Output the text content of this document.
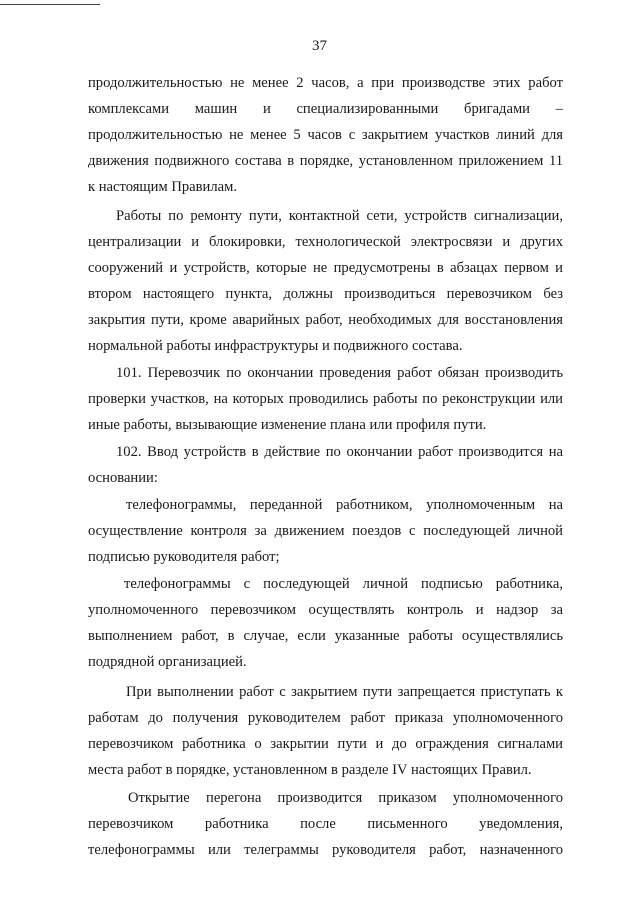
37
продолжительностью не менее 2 часов, а при производстве этих работ
комплексами машин и специализированными бригадами –
продолжительностью не менее 5 часов с закрытием участков линий для
движения подвижного состава в порядке, установленном приложением 11
к настоящим Правилам.
Работы по ремонту пути, контактной сети, устройств сигнализации,
централизации и блокировки, технологической электросвязи и других
сооружений и устройств, которые не предусмотрены в абзацах первом и
втором настоящего пункта, должны производиться перевозчиком без
закрытия пути, кроме аварийных работ, необходимых для восстановления
нормальной работы инфраструктуры и подвижного состава.
101. Перевозчик по окончании проведения работ обязан производить
проверки участков, на которых проводились работы по реконструкции или
иные работы, вызывающие изменение плана или профиля пути.
102. Ввод устройств в действие по окончании работ производится на
основании:
телефонограммы, переданной работником, уполномоченным на
осуществление контроля за движением поездов с последующей личной
подписью руководителя работ;
телефонограммы с последующей личной подписью работника,
уполномоченного перевозчиком осуществлять контроль и надзор за
выполнением работ, в случае, если указанные работы осуществлялись
подрядной организацией.
При выполнении работ с закрытием пути запрещается приступать к
работам до получения руководителем работ приказа уполномоченного
перевозчиком работника о закрытии пути и до ограждения сигналами
места работ в порядке, установленном в разделе IV настоящих Правил.
Открытие перегона производится приказом уполномоченного
перевозчиком работника после письменного уведомления,
телефонограммы или телеграммы руководителя работ, назначенного
